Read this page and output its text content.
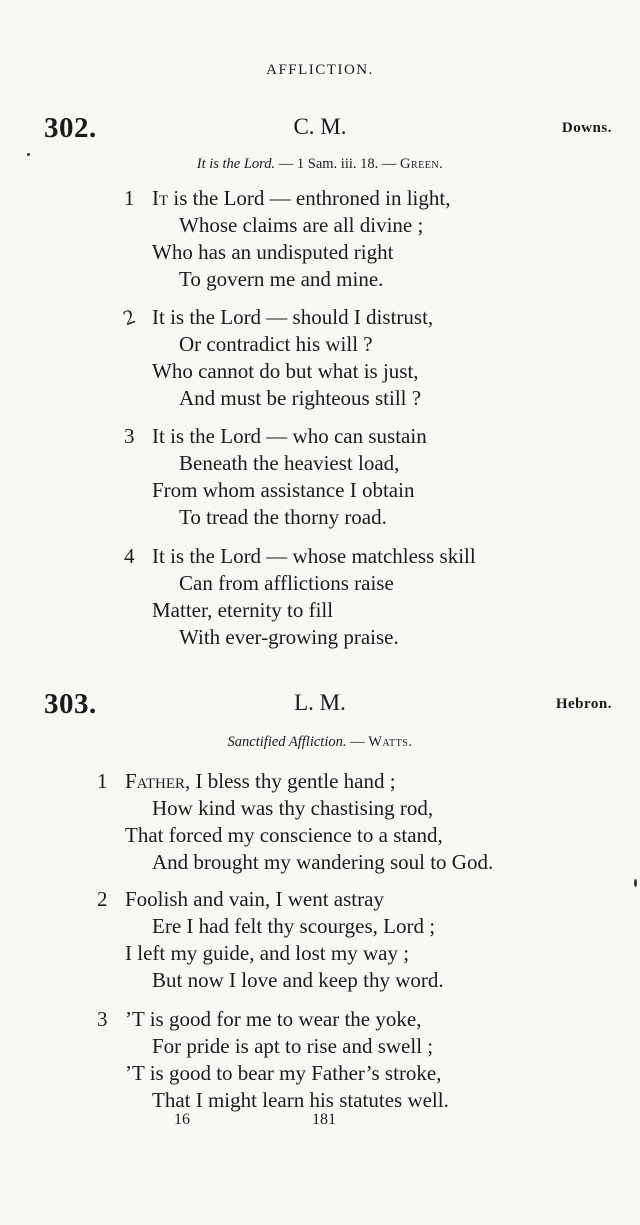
AFFLICTION.
302.	C. M.	Downs.
It is the Lord. — 1 Sam. iii. 18. — Green.
1 It is the Lord — enthroned in light,
Whose claims are all divine ;
Who has an undisputed right
To govern me and mine.
2 It is the Lord — should I distrust,
Or contradict his will ?
Who cannot do but what is just,
And must be righteous still ?
3 It is the Lord — who can sustain
Beneath the heaviest load,
From whom assistance I obtain
To tread the thorny road.
4 It is the Lord — whose matchless skill
Can from afflictions raise
Matter, eternity to fill
With ever-growing praise.
303.	L. M.	Hebron.
Sanctified Affliction. — Watts.
1 Father, I bless thy gentle hand ;
How kind was thy chastising rod,
That forced my conscience to a stand,
And brought my wandering soul to God.
2 Foolish and vain, I went astray
Ere I had felt thy scourges, Lord ;
I left my guide, and lost my way ;
But now I love and keep thy word.
3 ’T is good for me to wear the yoke,
For pride is apt to rise and swell ;
’T is good to bear my Father’s stroke,
That I might learn his statutes well.
16	181
